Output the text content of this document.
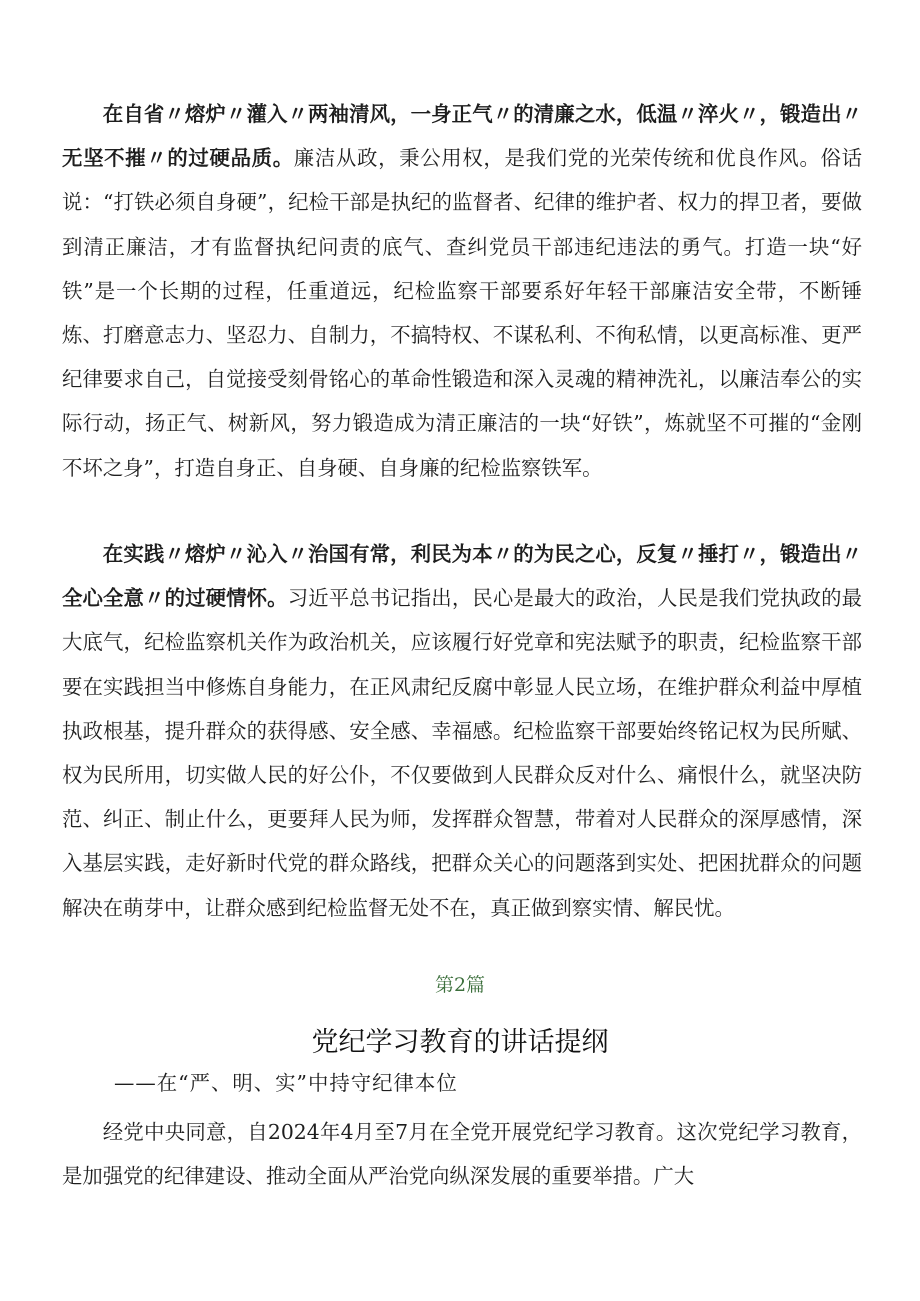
在自省〃熔炉〃灌入〃两袖清风，一身正气〃的清廉之水，低温〃淬火〃，锻造出〃无坚不摧〃的过硬品质。廉洁从政，秉公用权，是我们党的光荣传统和优良作风。俗话说：“打铁必须自身硬”，纪检干部是执纪的监督者、纪律的维护者、权力的捍卫者，要做到清正廉洁，才有监督执纪问责的底气、查纠党员干部违纪违法的勇气。打造一块“好铁”是一个长期的过程，任重道远，纪检监察干部要系好年轻干部廉洁安全带，不断锤炼、打磨意志力、坚忍力、自制力，不搞特权、不谋私利、不徇私情，以更高标准、更严纪律要求自己，自觉接受刻骨铭心的革命性锻造和深入灵魂的精神洗礼，以廉洁奉公的实际行动，扬正气、树新风，努力锻造成为清正廉洁的一块“好铁”，炼就坚不可摧的“金刚不坏之身”，打造自身正、自身硬、自身廉的纪检监察铁军。

在实践〃熔炉〃沁入〃治国有常，利民为本〃的为民之心，反复〃捶打〃，锻造出〃全心全意〃的过硬情怀。习近平总书记指出，民心是最大的政治，人民是我们党执政的最大底气，纪检监察机关作为政治机关，应该履行好党章和宪法赋予的职责，纪检监察干部要在实践担当中修炼自身能力，在正风肃纪反腐中彰显人民立场，在维护群众利益中厚植执政根基，提升群众的获得感、安全感、幸福感。纪检监察干部要始终铭记权为民所赋、权为民所用，切实做人民的好公仆，不仅要做到人民群众反对什么、痛恨什么，就坚决防范、纠正、制止什么，更要拜人民为师，发挥群众智慧，带着对人民群众的深厚感情，深入基层实践，走好新时代党的群众路线，把群众关心的问题落到实处、把困扰群众的问题解决在萌芽中，让群众感到纪检监督无处不在，真正做到察实情、解民忧。

第2篇
党纪学习教育的讲话提纲
——在“严、明、实”中持守纪律本位

经党中央同意，自2024年4月至7月在全党开展党纪学习教育。这次党纪学习教育，是加强党的纪律建设、推动全面从严治党向纵深发展的重要举措。广大
